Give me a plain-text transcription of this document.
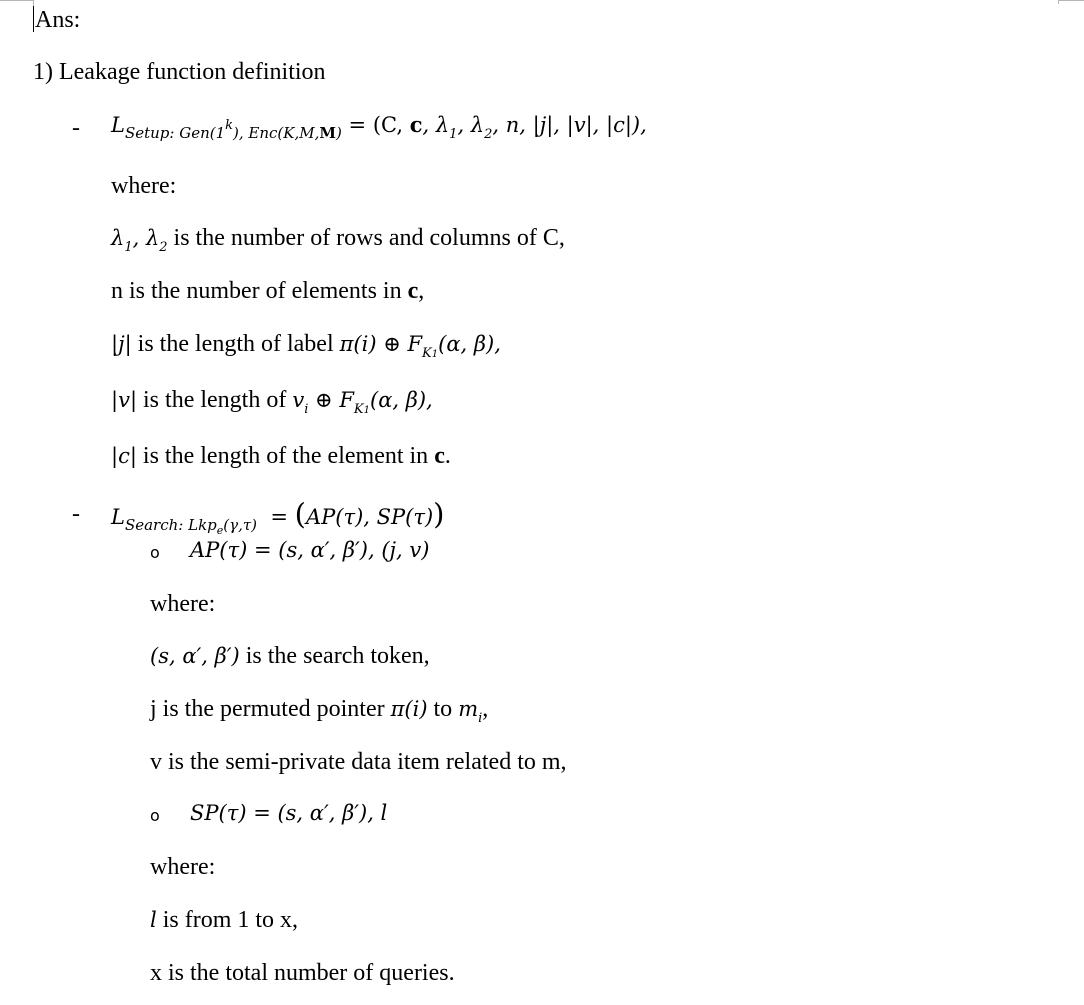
Ans:
1) Leakage function definition
- $L_{Setup: Gen(1k), Enc(K,M,M)} = (C$, c, $\lambda_1$, $\lambda_2$, n, |j|, |v|, |c|),
where:
$\lambda_1$, $\lambda_2$ is the number of rows and columns of C,
n is the number of elements in c,
|j| is the length of label π(i) ⊕ $F_{K1}(\alpha$, β),
|v| is the length of $v_i$ ⊕ $F_{K1}(\alpha$, β),
|c| is the length of the element in c.
- $L_{Search: Lkp_e(\gamma,\tau)} = (AP(\tau)$, SP(τ))
o AP(τ) = (s, α′, β′), (j, v)
where:
(s, α′, β′) is the search token,
j is the permuted pointer π(i) to $m_i$,
v is the semi-private data item related to m,
o SP(τ) = (s, α′, β′), l
where:
l is from 1 to x,
x is the total number of queries.
